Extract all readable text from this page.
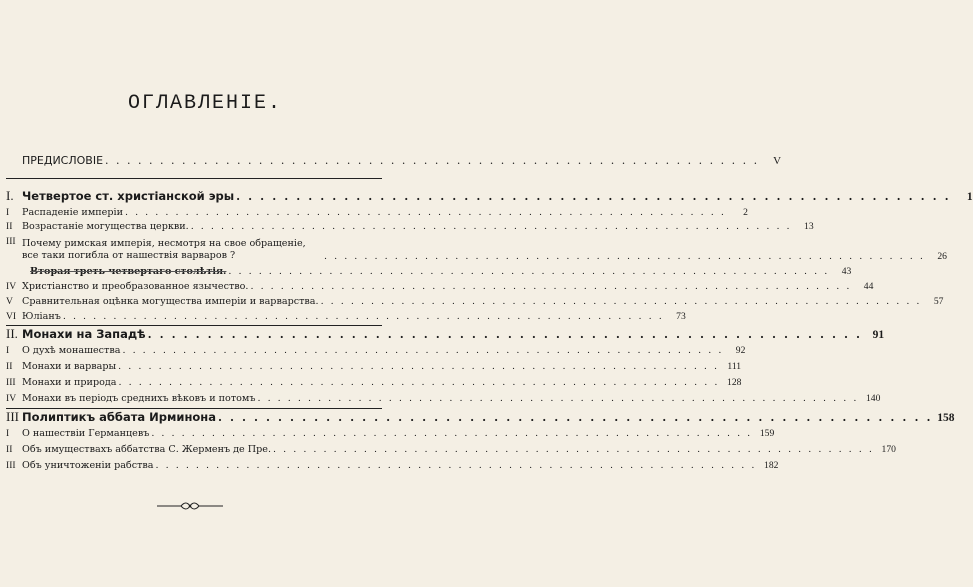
ОГЛАВЛЕНІЕ.
ПРЕДИСЛОВІЕ . . .	V
I. Четвертое ст. христіанской эры . . .	1
I	Распаденіе имперіи . . .	2
II	Возрастаніе могущества церкви. . . .	13
III Почему римская имперія, несмотря на свое обращеніе, все таки погибла от нашествія варваров ? . . .	26
Вторая треть четвертаго столѣтія. . . .	43
IV Христіанство и преобразованное язычество. . . .	44
V Сравнительная оцѣнка могущества имперіи и варварства. . . .	57
VI Юліанъ . . .	73
II. Монахи на Западѣ . . .	91
I	О духѣ монашества . . .	92
II	Монахи и варвары . . .	111
III Монахи и природа . . .	128
IV Монахи въ періодъ среднихъ вѣковъ и потомъ . . .	140
III Полиптикъ аббата Ирминона . . .	158
I	О нашествіи Германцевъ . . .	159
II	Объ имуществахъ аббатства С. Жерменъ де Пре. . . .	170
III Объ уничтоженіи рабства . . .	182
